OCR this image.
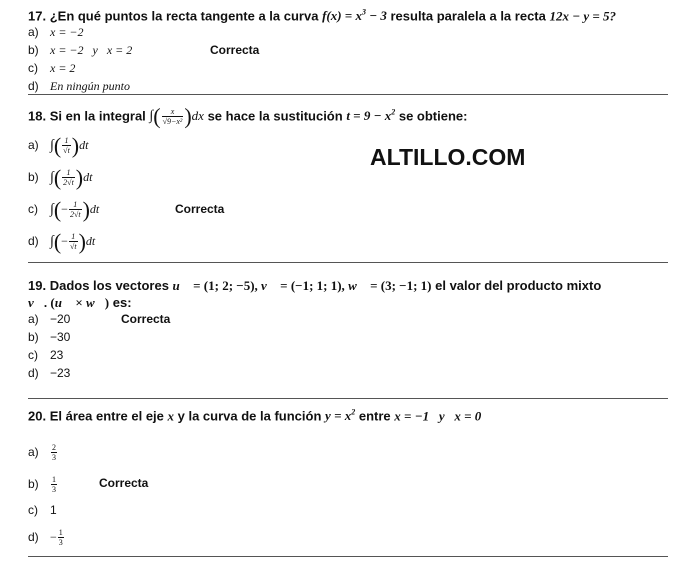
17. ¿En qué puntos la recta tangente a la curva $f(x) = x^3 - 3$ resulta paralela a la recta 12x − y = 5?
a) x = −2
b) x = −2   y   x = 2	Correcta
c) x = 2
d) En ningún punto
18. Si en la integral ∫( $\frac{x}{\text{√9−x²}} )dx$ se hace la sustitución $t = 9 - x^2$ se obtiene:
ALTILLO.COM
a) ∫( $\frac{1}{√t} )dt$
b) ∫( $\frac{1}{2√t} )dt$
c) ∫(− $\frac{1}{2√t} )dt$	Correcta
d) ∫(− $\frac{1}{√t} )dt$
19. Dados los vectores u⃗ = (1; 2; −5), v⃗ = (−1; 1; 1), w⃗ = (3; −1; 1) el valor del producto mixto
v⃗. (u⃗ × w⃗) es:
a) −20	Correcta
b) −30
c) 23
d) −23
20. El área entre el eje x y la curva de la función $y = x^2$ entre x = −1   y   x = 0
$a) \frac{2}{3}$
$b) \frac{1}{3}$	Correcta
c) 1
$d) - \frac{1}{3}$
